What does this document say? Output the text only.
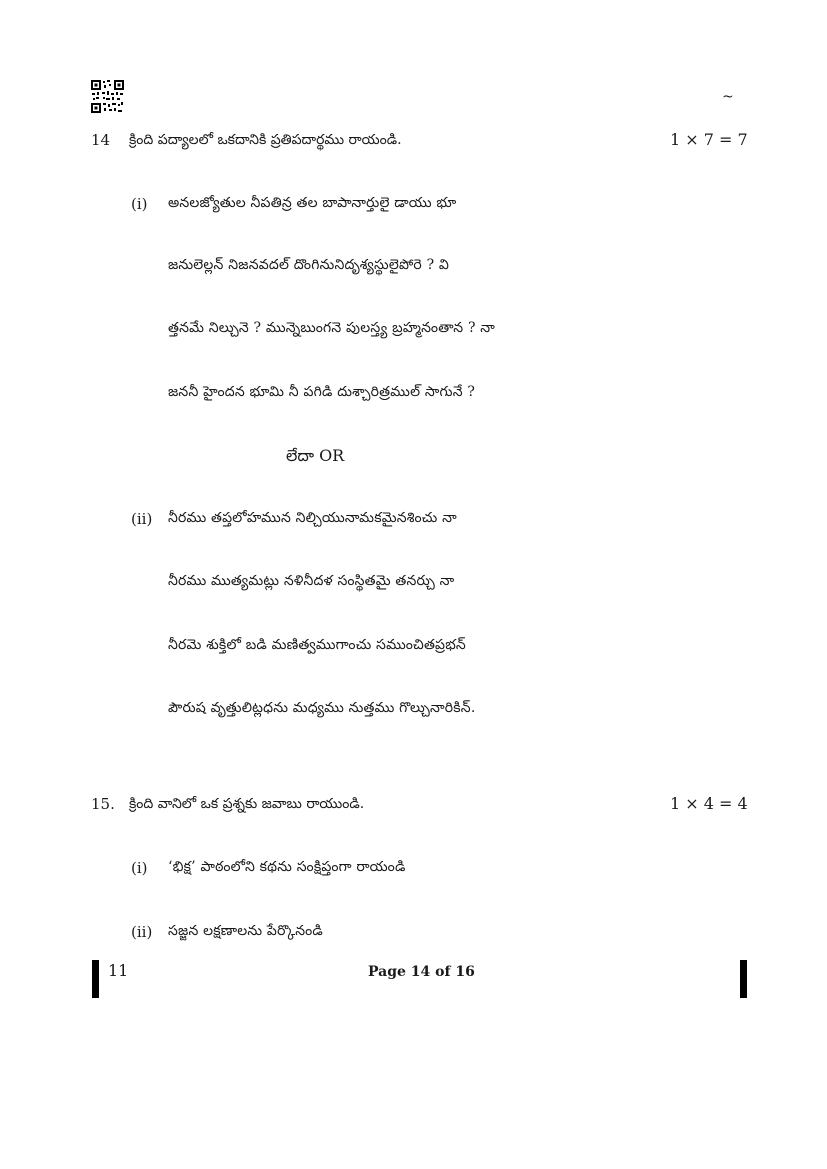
~
14 క్రింది పద్యాలలో ఒకదానికి ప్రతిపదార్థము రాయండి.	1 × 7 = 7
(i) అనలజ్యోతుల నీపతిన్ర తల బాపానార్తులై డాయు భూ
జనులెల్లన్ నిజనవదల్ దొంగినునిదృశ్యస్థులైపోరె ? వి
త్తనమే నిల్చునె ? మున్నెబుంగనె పులస్త్య బ్రహ్మనంతాన ? నా
జననీ హైందన భూమి నీ పగిడి దుశ్చారిత్రముల్ సాగునే ?
లేదా OR
(ii) నీరము తప్తలోహమున నిల్చియునామకమైనశించు నా
నీరము ముత్యమట్లు నళినీదళ సంస్థితమై తనర్చు నా
నీరమె శుక్తిలో బడి మణిత్వముగాంచు సముంచితప్రభన్
పౌరుష వృత్తులిట్లధను మధ్యము నుత్తము గొల్చునారికిన్.
15. క్రింది వానిలో ఒక ప్రశ్నకు జవాబు రాయుండి.	1 × 4 = 4
(i) ‘భిక్ష’ పాఠంలోని కథను సంక్షిప్తంగా రాయండి
(ii) సజ్జన లక్షణాలను పేర్కొనండి
11	Page 14 of 16
